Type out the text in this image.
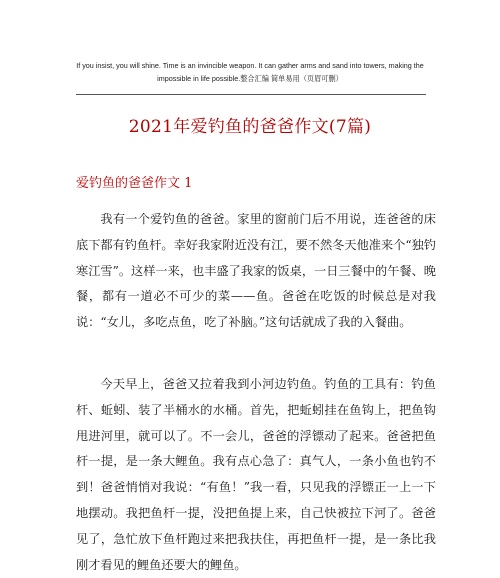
If you insist, you will shine. Time is an invincible weapon. It can gather arms and sand into towers, making the
impossible in life possible.整合汇编 简单易用（页眉可删）
2021年爱钓鱼的爸爸作文(7篇)
爱钓鱼的爸爸作文 1

我有一个爱钓鱼的爸爸。家里的窗前门后不用说，连爸爸的床底下都有钓鱼杆。幸好我家附近没有江，要不然冬天他准来个“独钓寒江雪”。这样一来，也丰盛了我家的饭桌，一日三餐中的午餐、晚餐，都有一道必不可少的菜——鱼。爸爸在吃饭的时候总是对我说：“女儿，多吃点鱼，吃了补脑。”这句话就成了我的入餐曲。

今天早上，爸爸又拉着我到小河边钓鱼。钓鱼的工具有：钓鱼杆、蚯蚓、装了半桶水的水桶。首先，把蚯蚓挂在鱼钩上，把鱼钩甩进河里，就可以了。不一会儿，爸爸的浮镖动了起来。爸爸把鱼杆一提，是一条大鲤鱼。我有点心急了：真气人，一条小鱼也钓不到！爸爸悄悄对我说：“有鱼！”我一看，只见我的浮镖正一上一下地摆动。我把鱼杆一提，没把鱼提上来，自己快被拉下河了。爸爸见了，急忙放下鱼杆跑过来把我扶住，再把鱼杆一提，是一条比我刚才看见的鲤鱼还要大的鲤鱼。
